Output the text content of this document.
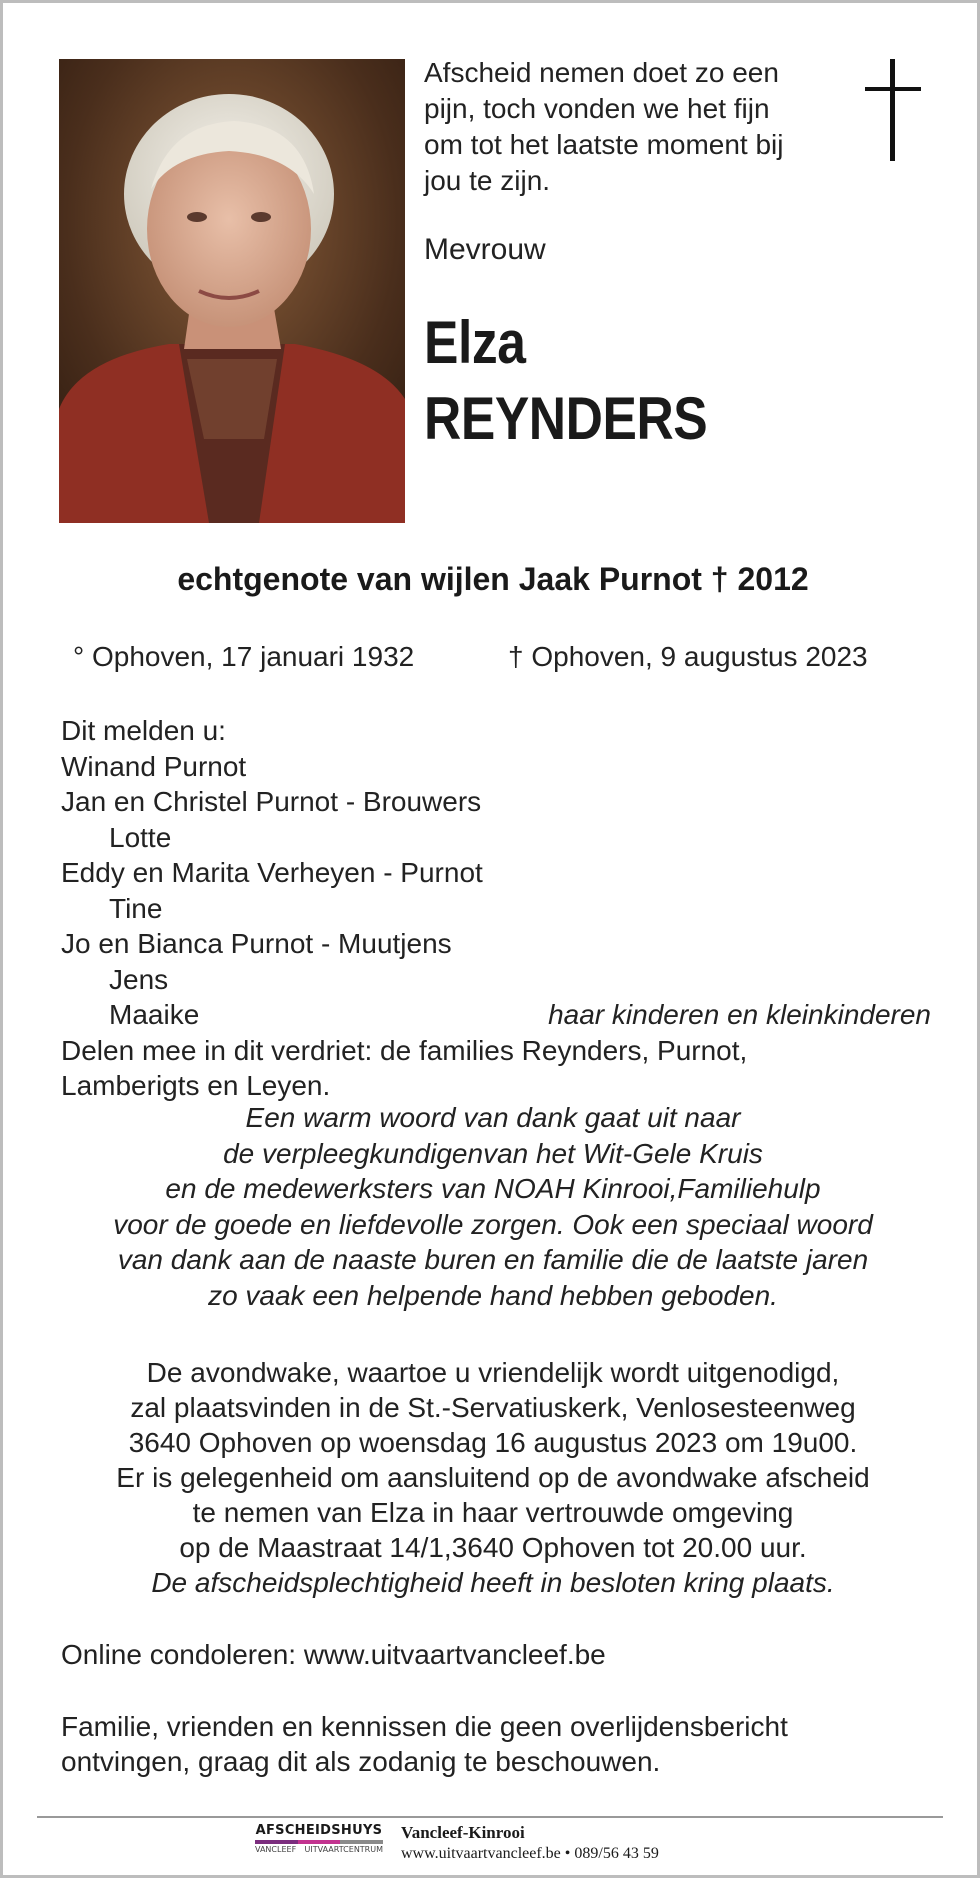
Afscheid nemen doet zo een
pijn, toch vonden we het fijn
om tot het laatste moment bij
jou te zijn.
Mevrouw
Elza
REYNDERS
echtgenote van wijlen Jaak Purnot † 2012
° Ophoven, 17 januari 1932	† Ophoven, 9 augustus 2023
Dit melden u:
Winand Purnot
Jan en Christel Purnot - Brouwers
Lotte
Eddy en Marita Verheyen - Purnot
Tine
Jo en Bianca Purnot - Muutjens
Jens
Maaike	haar kinderen en kleinkinderen
Delen mee in dit verdriet: de families Reynders, Purnot,
Lamberigts en Leyen.
Een warm woord van dank gaat uit naar
de verpleegkundigenvan het Wit-Gele Kruis
en de medewerksters van NOAH Kinrooi,Familiehulp
voor de goede en liefdevolle zorgen. Ook een speciaal woord
van dank aan de naaste buren en familie die de laatste jaren
zo vaak een helpende hand hebben geboden.
De avondwake, waartoe u vriendelijk wordt uitgenodigd,
zal plaatsvinden in de St.-Servatiuskerk, Venlosesteenweg
3640 Ophoven op woensdag 16 augustus 2023 om 19u00.
Er is gelegenheid om aansluitend op de avondwake afscheid
te nemen van Elza in haar vertrouwde omgeving
op de Maastraat 14/1,3640 Ophoven tot 20.00 uur.
De afscheidsplechtigheid heeft in besloten kring plaats.
Online condoleren: www.uitvaartvancleef.be
Familie, vrienden en kennissen die geen overlijdensbericht
ontvingen, graag dit als zodanig te beschouwen.
AFSCHEIDSHUYS
VANCLEEF UITVAARTCENTRUM
Vancleef-Kinrooi
www.uitvaartvancleef.be • 089/56 43 59
